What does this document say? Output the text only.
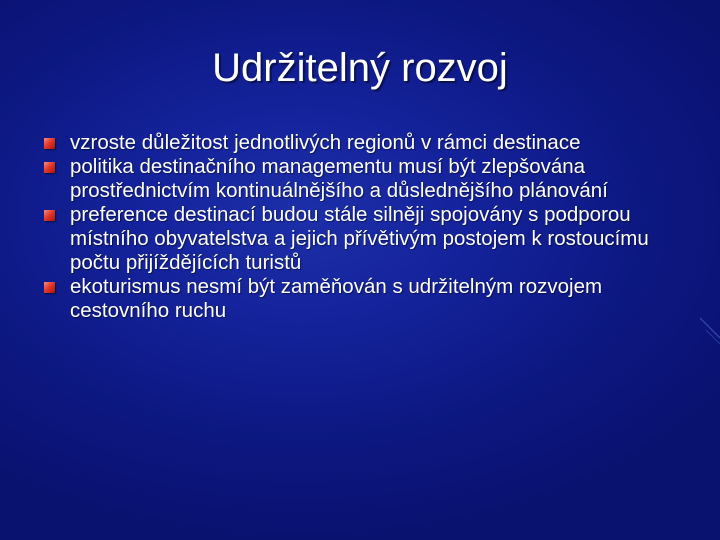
Udržitelný rozvoj
vzroste důležitost jednotlivých regionů v rámci destinace
politika destinačního managementu musí být zlepšována prostřednictvím kontinuálnějšího a důslednějšího plánování
preference destinací budou stále silněji spojovány s podporou místního obyvatelstva a jejich přívětivým postojem k rostoucímu počtu přijíždějících turistů
ekoturismus nesmí být zaměňován s udržitelným rozvojem cestovního ruchu
